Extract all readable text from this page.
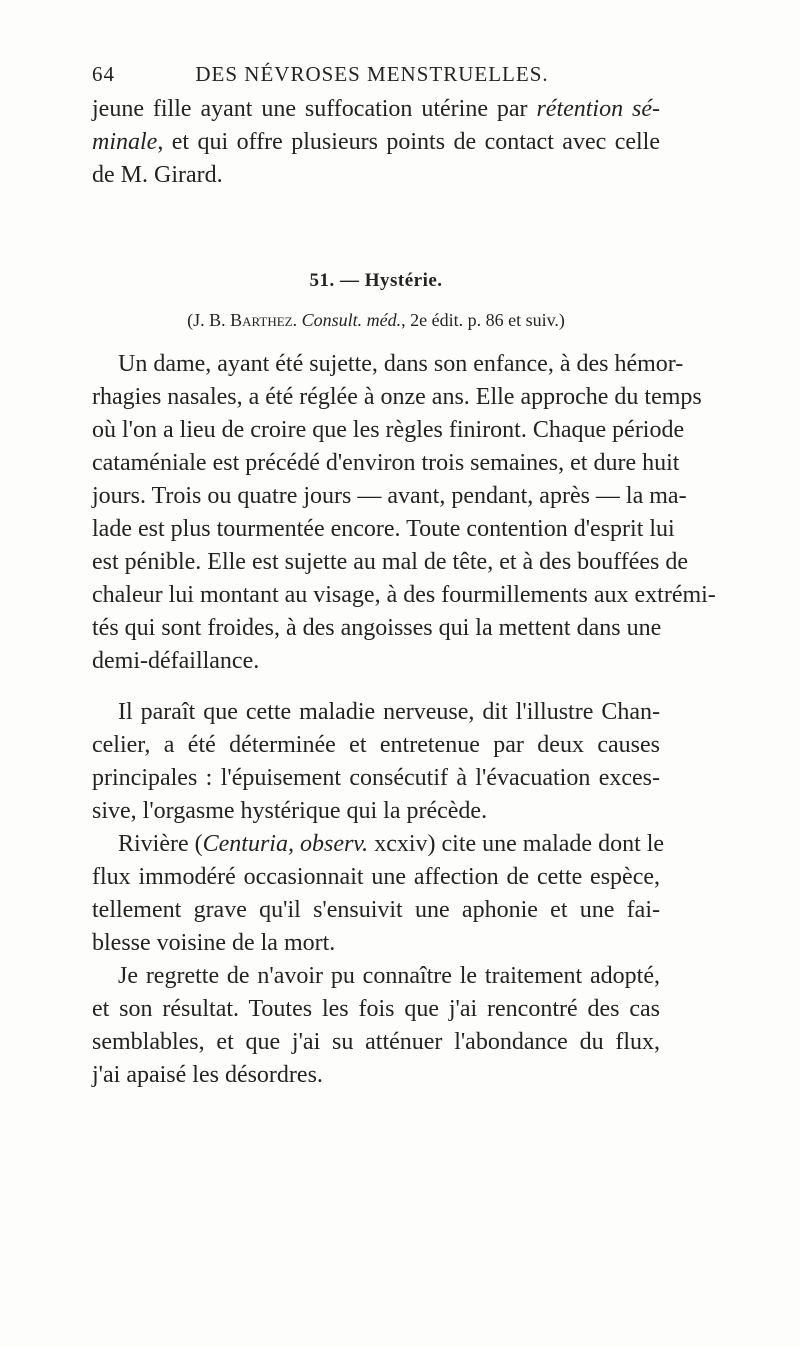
64	DES NÉVROSES MENSTRUELLES.
jeune fille ayant une suffocation utérine par rétention sé-
minale, et qui offre plusieurs points de contact avec celle
de M. Girard.
51. — Hystérie.
(J. B. Barthez. Consult. méd., 2e édit. p. 86 et suiv.)
Un dame, ayant été sujette, dans son enfance, à des hémor-
rhagies nasales, a été réglée à onze ans. Elle approche du temps
où l'on a lieu de croire que les règles finiront. Chaque période
cataméniale est précédé d'environ trois semaines, et dure huit
jours. Trois ou quatre jours — avant, pendant, après — la ma-
lade est plus tourmentée encore. Toute contention d'esprit lui
est pénible. Elle est sujette au mal de tête, et à des bouffées de
chaleur lui montant au visage, à des fourmillements aux extrémi-
tés qui sont froides, à des angoisses qui la mettent dans une
demi-défaillance.
Il paraît que cette maladie nerveuse, dit l'illustre Chan-
celier, a été déterminée et entretenue par deux causes
principales : l'épuisement consécutif à l'évacuation exces-
sive, l'orgasme hystérique qui la précède.
Rivière (Centuria, observ. xcxiv) cite une malade dont le
flux immodéré occasionnait une affection de cette espèce,
tellement grave qu'il s'ensuivit une aphonie et une fai-
blesse voisine de la mort.
Je regrette de n'avoir pu connaître le traitement adopté,
et son résultat. Toutes les fois que j'ai rencontré des cas
semblables, et que j'ai su atténuer l'abondance du flux,
j'ai apaisé les désordres.
